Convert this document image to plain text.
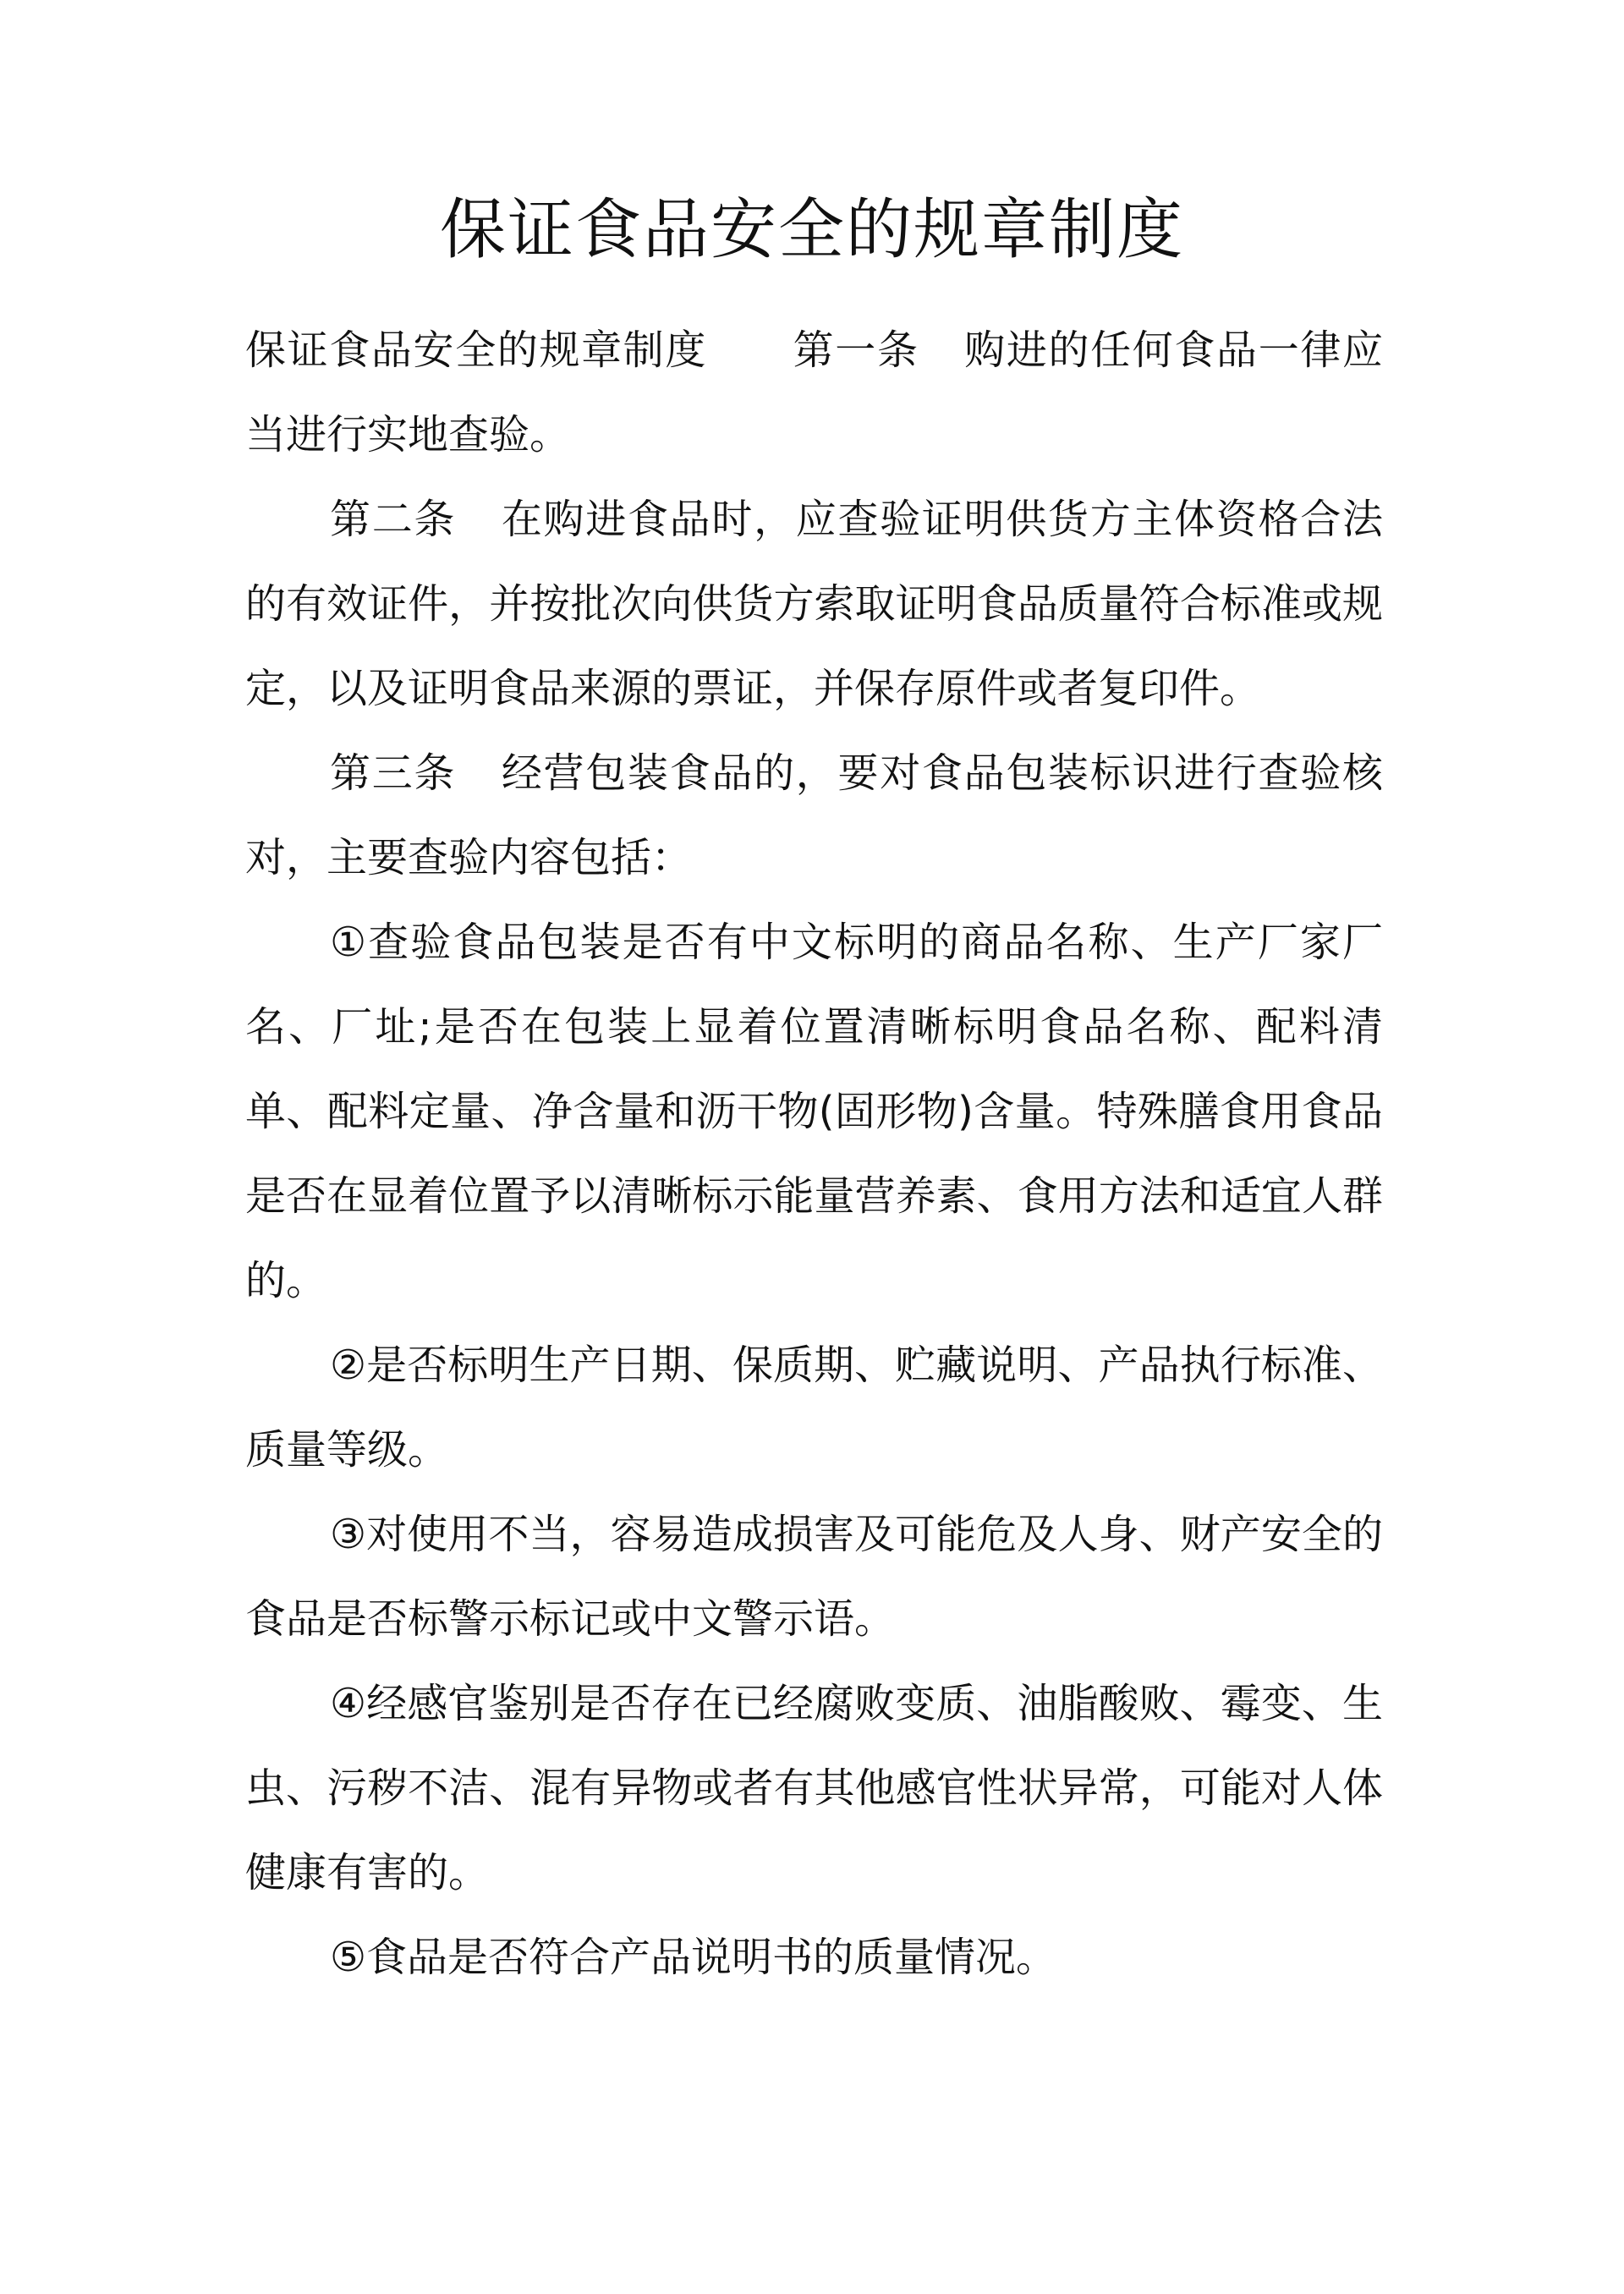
保证食品安全的规章制度

保证食品安全的规章制度 第一条 购进的任何食品一律应当进行实地查验。

第二条 在购进食品时，应查验证明供货方主体资格合法的有效证件，并按批次向供货方索取证明食品质量符合标准或规定，以及证明食品来源的票证，并保存原件或者复印件。

第三条 经营包装食品的，要对食品包装标识进行查验核对，主要查验内容包括：

①查验食品包装是否有中文标明的商品名称、生产厂家厂名、厂址;是否在包装上显着位置清晰标明食品名称、配料清单、配料定量、净含量和沥干物(固形物)含量。特殊膳食用食品是否在显着位置予以清晰标示能量营养素、食用方法和适宜人群的。

②是否标明生产日期、保质期、贮藏说明、产品执行标准、质量等级。

③对使用不当，容易造成损害及可能危及人身、财产安全的食品是否标警示标记或中文警示语。

④经感官鉴别是否存在已经腐败变质、油脂酸败、霉变、生虫、污秽不洁、混有异物或者有其他感官性状异常，可能对人体健康有害的。

⑤食品是否符合产品说明书的质量情况。
